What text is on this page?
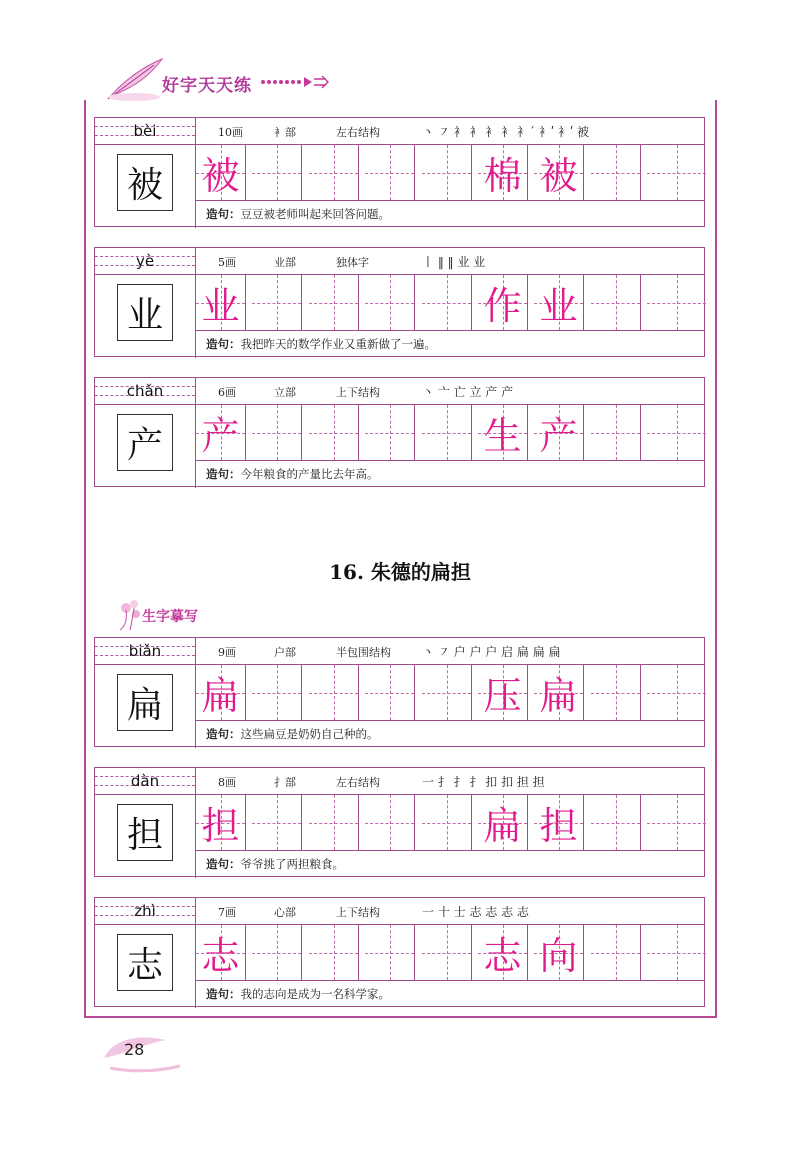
好字天天练
bèi	10画	衤部	左右结构	丶 ㇇ 衤 衤 衤 衤 衤ˊ 衤ʹ 衤ʹ 被
被 被	棉 被
造句：豆豆被老师叫起来回答问题。
yè	5画	业部	独体字	丨 ‖ ‖ 业 业
业 业	作 业
造句：我把昨天的数学作业又重新做了一遍。
chǎn	6画	立部	上下结构	丶 亠 亡 立 产 产
产 产	生 产
造句：今年粮食的产量比去年高。
biǎn	9画	户部	半包围结构	丶 ㇇ 户 户 户 启 扁 扁 扁
扁 扁	压 扁
造句：这些扁豆是奶奶自己种的。
dàn	8画	扌部	左右结构	一 扌 扌 扌 扣 扣 担 担
担 担	扁 担
造句：爷爷挑了两担粮食。
zhì	7画	心部	上下结构	一 十 士 志 志 志 志
志 志	志 向
造句：我的志向是成为一名科学家。
16. 朱德的扁担
生字摹写
28
